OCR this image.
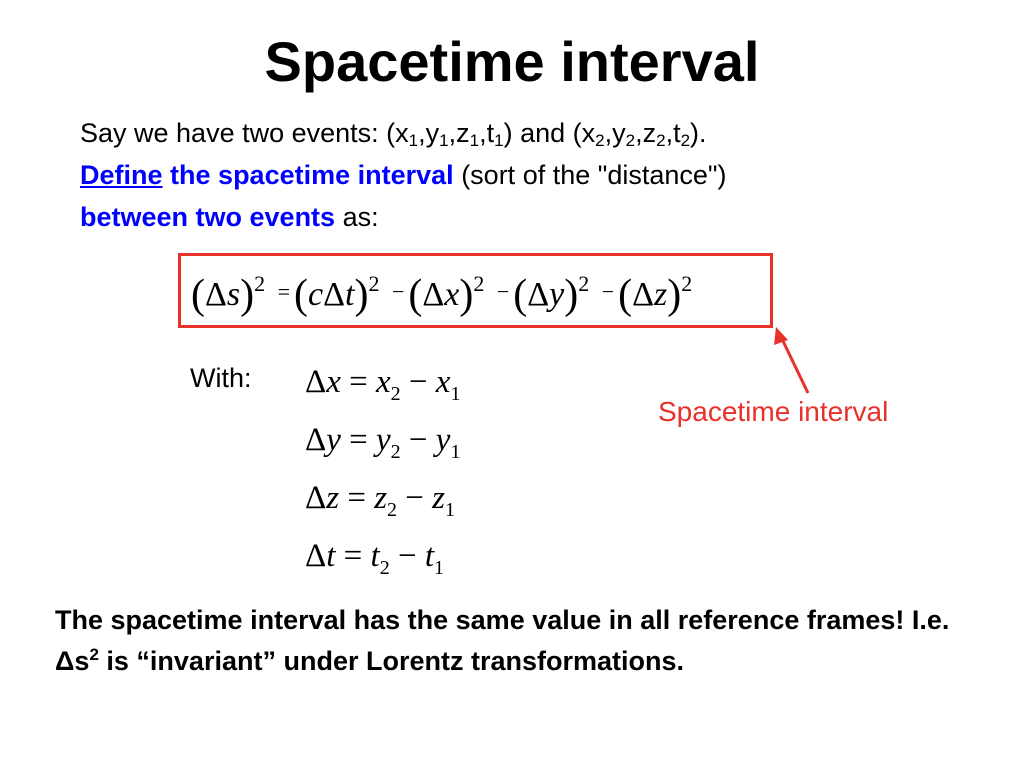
Spacetime interval
Say we have two events: $(x_1,y_1,z_1,t_1)$ and $(x_2,y_2,z_2,t_2)$.
Define the spacetime interval (sort of the "distance")
between two events as:
$(\Delta s)^2 =(c\Delta t)^2 -(\Delta x)^2 -(\Delta y)^2 -(\Delta z)^2$
With: $\Delta x = x_2 - x_1$
$\Delta y = y_2 - y_1$
$\Delta z = z_2 - z_1$
$\Delta t = t_2 - t_1$
Spacetime interval
The spacetime interval has the same value in all reference frames! I.e. $\Delta s^2$ is “invariant” under Lorentz transformations.
